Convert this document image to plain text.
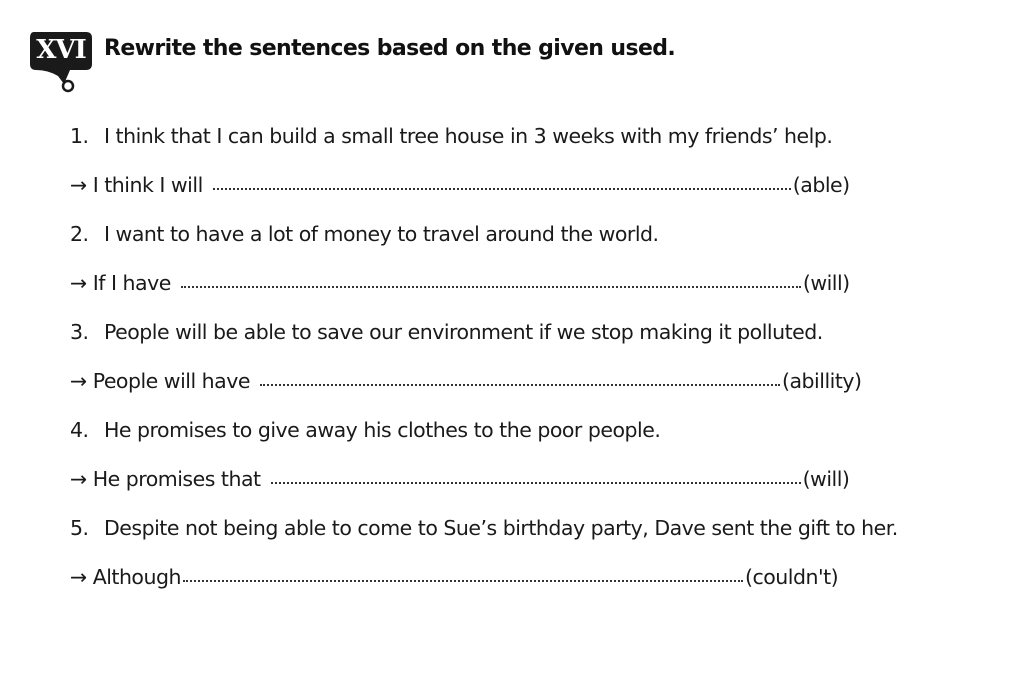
XVI Rewrite the sentences based on the given used.
1. I think that I can build a small tree house in 3 weeks with my friends’ help.
→ I think I will	(able)
2. I want to have a lot of money to travel around the world.
→ If I have	(will)
3. People will be able to save our environment if we stop making it polluted.
→ People will have	(abillity)
4. He promises to give away his clothes to the poor people.
→ He promises that	(will)
5. Despite not being able to come to Sue’s birthday party, Dave sent the gift to her.
→ Although	(couldn't)
